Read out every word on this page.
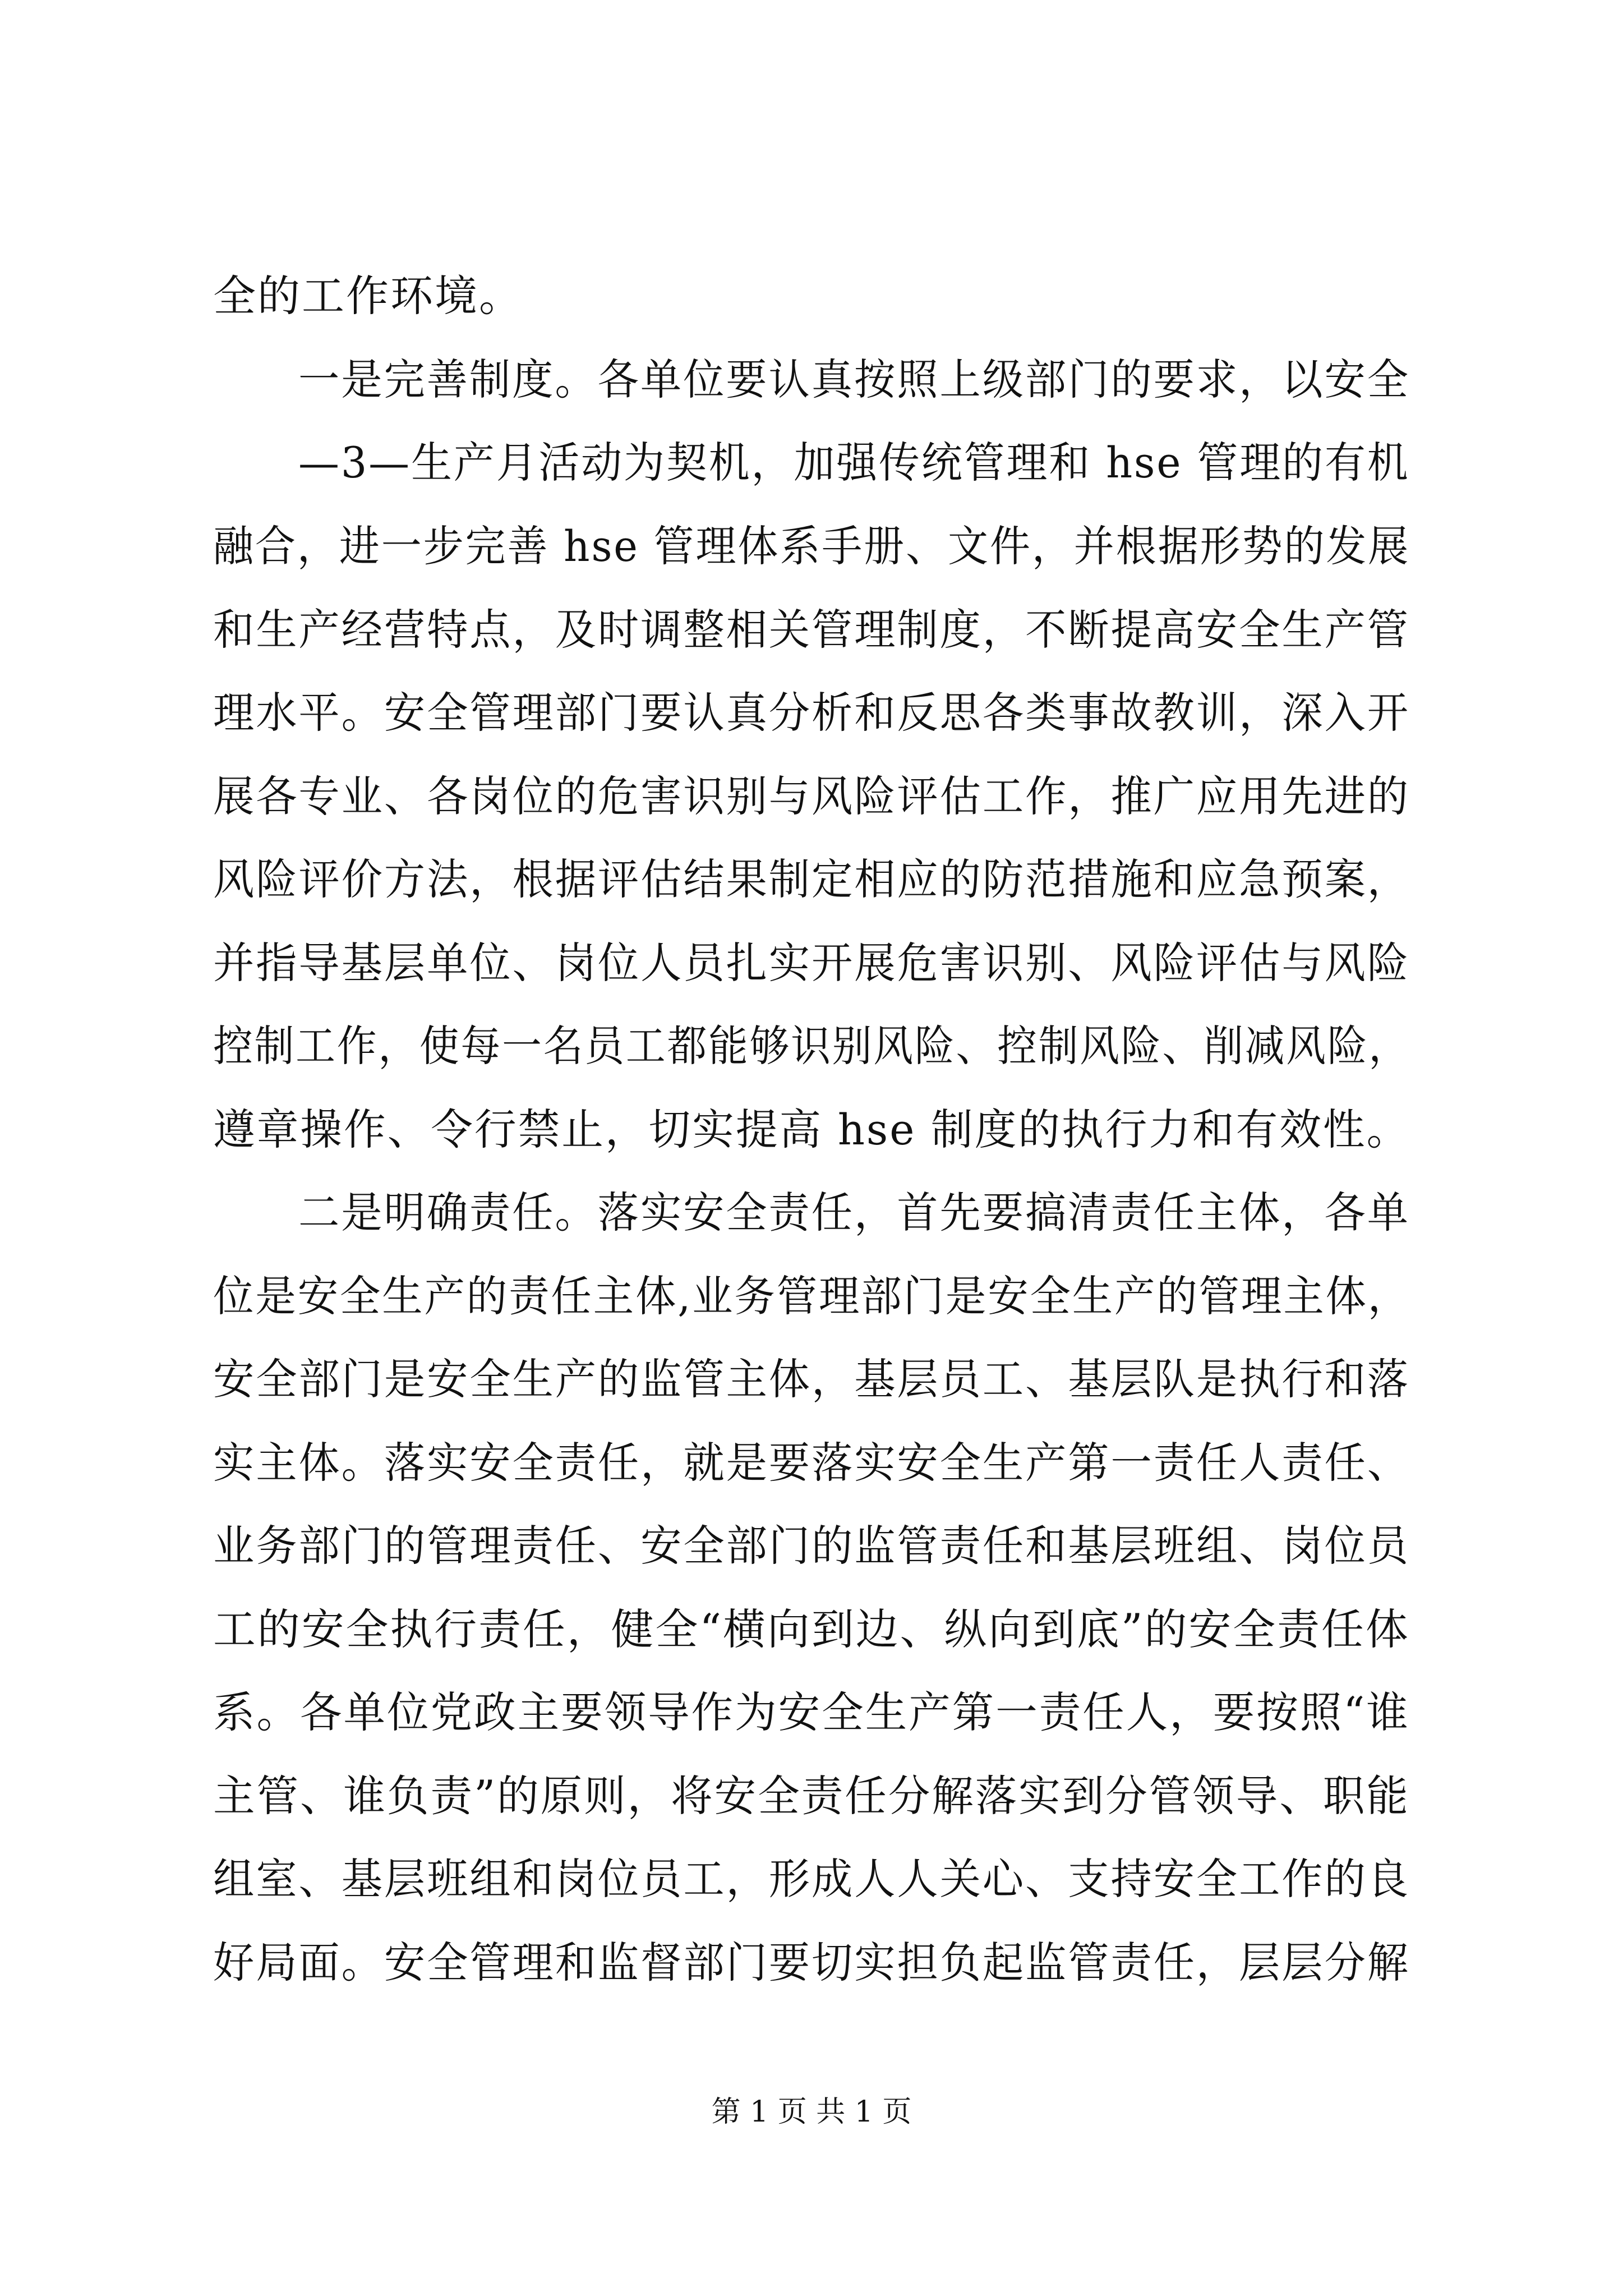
全的工作环境。
一是完善制度。各单位要认真按照上级部门的要求，以安全
—3—生产月活动为契机，加强传统管理和 hse 管理的有机
融合，进一步完善 hse 管理体系手册、文件，并根据形势的发展
和生产经营特点，及时调整相关管理制度，不断提高安全生产管
理水平。安全管理部门要认真分析和反思各类事故教训，深入开
展各专业、各岗位的危害识别与风险评估工作，推广应用先进的
风险评价方法，根据评估结果制定相应的防范措施和应急预案，
并指导基层单位、岗位人员扎实开展危害识别、风险评估与风险
控制工作，使每一名员工都能够识别风险、控制风险、削减风险，
遵章操作、令行禁止，切实提高 hse 制度的执行力和有效性。
二是明确责任。落实安全责任，首先要搞清责任主体，各单
位是安全生产的责任主体,业务管理部门是安全生产的管理主体，
安全部门是安全生产的监管主体，基层员工、基层队是执行和落
实主体。落实安全责任，就是要落实安全生产第一责任人责任、
业务部门的管理责任、安全部门的监管责任和基层班组、岗位员
工的安全执行责任，健全“横向到边、纵向到底”的安全责任体
系。各单位党政主要领导作为安全生产第一责任人，要按照“谁
主管、谁负责”的原则，将安全责任分解落实到分管领导、职能
组室、基层班组和岗位员工，形成人人关心、支持安全工作的良
好局面。安全管理和监督部门要切实担负起监管责任，层层分解
第 1 页 共 1 页
